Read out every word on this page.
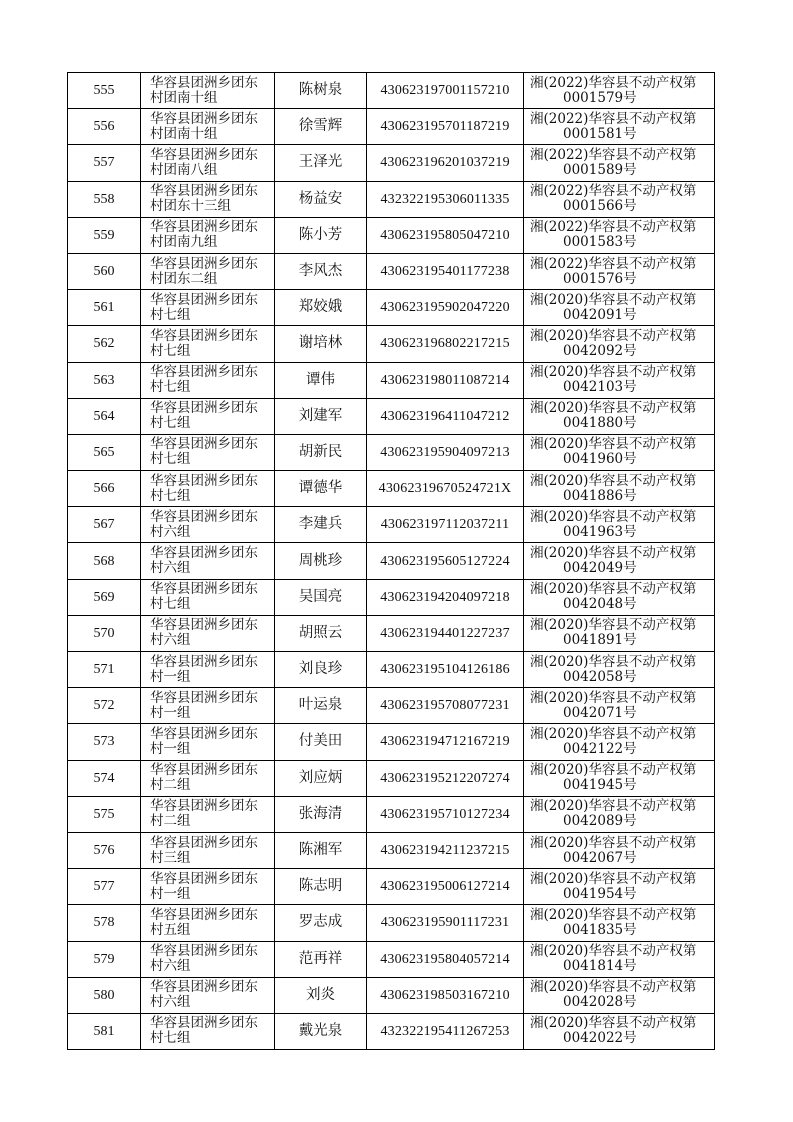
555	华容县团洲乡团东
村团南十组	陈树泉	430623197001157210	湘(2022)华容县不动产权第
0001579号

556	华容县团洲乡团东
村团南十组	徐雪辉	430623195701187219	湘(2022)华容县不动产权第
0001581号

557	华容县团洲乡团东
村团南八组	王泽光	430623196201037219	湘(2022)华容县不动产权第
0001589号

558	华容县团洲乡团东
村团东十三组	杨益安	432322195306011335	湘(2022)华容县不动产权第
0001566号

559	华容县团洲乡团东
村团南九组	陈小芳	430623195805047210	湘(2022)华容县不动产权第
0001583号

560	华容县团洲乡团东
村团东二组	李风杰	430623195401177238	湘(2022)华容县不动产权第
0001576号

561	华容县团洲乡团东
村七组	郑姣娥	430623195902047220	湘(2020)华容县不动产权第
0042091号

562	华容县团洲乡团东
村七组	谢培林	430623196802217215	湘(2020)华容县不动产权第
0042092号

563	华容县团洲乡团东
村七组	谭伟	430623198011087214	湘(2020)华容县不动产权第
0042103号

564	华容县团洲乡团东
村七组	刘建军	430623196411047212	湘(2020)华容县不动产权第
0041880号

565	华容县团洲乡团东
村七组	胡新民	430623195904097213	湘(2020)华容县不动产权第
0041960号

566	华容县团洲乡团东
村七组	谭德华	43062319670524721X	湘(2020)华容县不动产权第
0041886号

567	华容县团洲乡团东
村六组	李建兵	430623197112037211	湘(2020)华容县不动产权第
0041963号

568	华容县团洲乡团东
村六组	周桃珍	430623195605127224	湘(2020)华容县不动产权第
0042049号

569	华容县团洲乡团东
村七组	吴国亮	430623194204097218	湘(2020)华容县不动产权第
0042048号

570	华容县团洲乡团东
村六组	胡照云	430623194401227237	湘(2020)华容县不动产权第
0041891号

571	华容县团洲乡团东
村一组	刘良珍	430623195104126186	湘(2020)华容县不动产权第
0042058号

572	华容县团洲乡团东
村一组	叶运泉	430623195708077231	湘(2020)华容县不动产权第
0042071号

573	华容县团洲乡团东
村一组	付美田	430623194712167219	湘(2020)华容县不动产权第
0042122号

574	华容县团洲乡团东
村二组	刘应炳	430623195212207274	湘(2020)华容县不动产权第
0041945号

575	华容县团洲乡团东
村二组	张海清	430623195710127234	湘(2020)华容县不动产权第
0042089号

576	华容县团洲乡团东
村三组	陈湘军	430623194211237215	湘(2020)华容县不动产权第
0042067号

577	华容县团洲乡团东
村一组	陈志明	430623195006127214	湘(2020)华容县不动产权第
0041954号

578	华容县团洲乡团东
村五组	罗志成	430623195901117231	湘(2020)华容县不动产权第
0041835号

579	华容县团洲乡团东
村六组	范再祥	430623195804057214	湘(2020)华容县不动产权第
0041814号

580	华容县团洲乡团东
村六组	刘炎	430623198503167210	湘(2020)华容县不动产权第
0042028号

581	华容县团洲乡团东
村七组	戴光泉	432322195411267253	湘(2020)华容县不动产权第
0042022号
